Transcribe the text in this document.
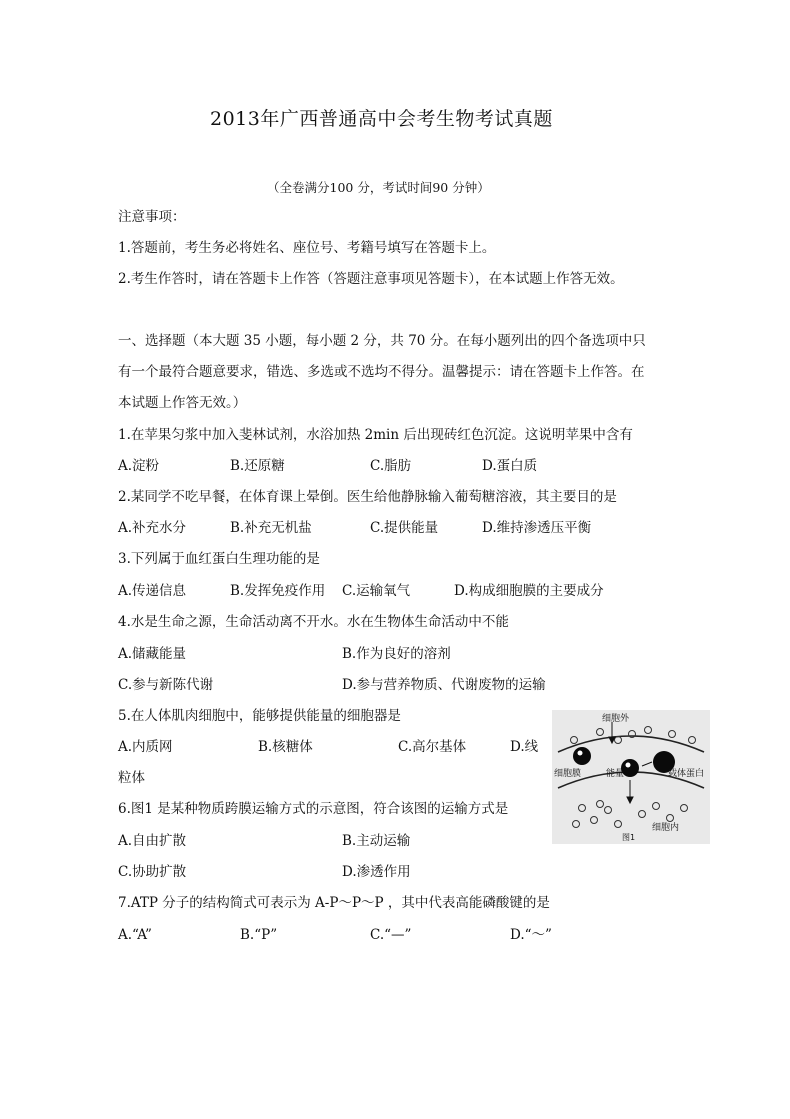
2013年广西普通高中会考生物考试真题
（全卷满分100 分，考试时间90 分钟）
注意事项：
1.答题前，考生务必将姓名、座位号、考籍号填写在答题卡上。
2.考生作答时，请在答题卡上作答（答题注意事项见答题卡），在本试题上作答无效。
一、选择题（本大题 35 小题，每小题 2 分，共 70 分。在每小题列出的四个备选项中只
有一个最符合题意要求，错选、多选或不选均不得分。温馨提示：请在答题卡上作答。在
本试题上作答无效。）
1.在苹果匀浆中加入斐林试剂，水浴加热 2min 后出现砖红色沉淀。这说明苹果中含有
A.淀粉	B.还原糖	C.脂肪	D.蛋白质
2.某同学不吃早餐，在体育课上晕倒。医生给他静脉输入葡萄糖溶液，其主要目的是
A.补充水分	B.补充无机盐	C.提供能量	D.维持渗透压平衡
3.下列属于血红蛋白生理功能的是
A.传递信息	B.发挥免疫作用 C.运输氧气	D.构成细胞膜的主要成分
4.水是生命之源，生命活动离不开水。水在生物体生命活动中不能
A.储藏能量	B.作为良好的溶剂
C.参与新陈代谢	D.参与营养物质、代谢废物的运输
5.在人体肌肉细胞中，能够提供能量的细胞器是
A.内质网	B.核糖体	C.高尔基体	D.线
粒体
6.图1 是某种物质跨膜运输方式的示意图，符合该图的运输方式是
A.自由扩散	B.主动运输
C.协助扩散	D.渗透作用
7.ATP 分子的结构简式可表示为 A-P～P～P ，其中代表高能磷酸键的是
A.“A”	B.“P”	C.“—”	D.“～”
细胞外
细胞膜	能量	载体蛋白
细胞内
图1
